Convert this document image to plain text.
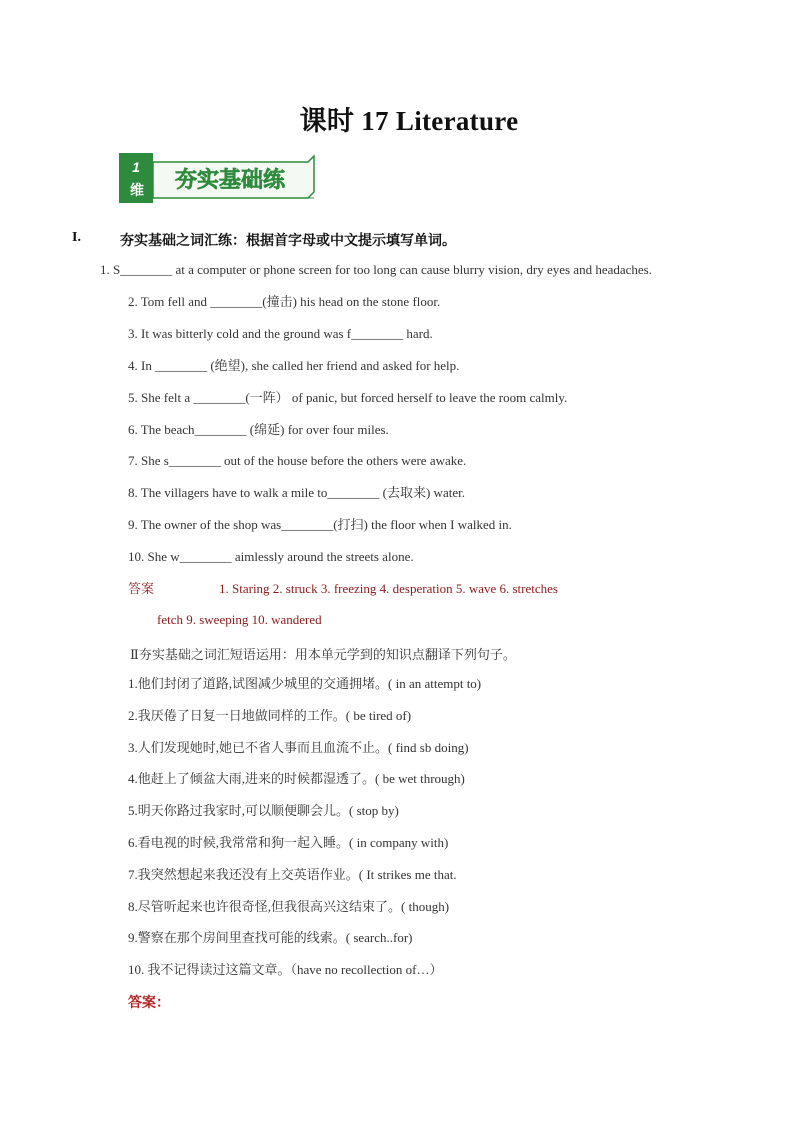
课时 17 Literature
1
维 夯实基础练
I.	夯实基础之词汇练：根据首字母或中文提示填写单词。
1. S________ at a computer or phone screen for too long can cause blurry vision, dry eyes and headaches.
2. Tom fell and ________(撞击) his head on the stone floor.
3. It was bitterly cold and the ground was f________ hard.
4. In ________ (绝望), she called her friend and asked for help.
5. She felt a ________(一阵） of panic, but forced herself to leave the room calmly.
6. The beach________ (绵延) for over four miles.
7. She s________ out of the house before the others were awake.
8. The villagers have to walk a mile to________ (去取来) water.
9. The owner of the shop was________(打扫) the floor when I walked in.
10. She w________ aimlessly around the streets alone.
答案	1. Staring 2. struck 3. freezing 4. desperation 5. wave 6. stretches
fetch 9. sweeping 10. wandered
Ⅱ夯实基础之词汇短语运用：用本单元学到的知识点翻译下列句子。
1.他们封闭了道路,试图减少城里的交通拥堵。( in an attempt to)
2.我厌倦了日复一日地做同样的工作。( be tired of)
3.人们发现她时,她已不省人事而且血流不止。( find sb doing)
4.他赶上了倾盆大雨,进来的时候都湿透了。( be wet through)
5.明天你路过我家时,可以顺便聊会儿。( stop by)
6.看电视的时候,我常常和狗一起入睡。( in company with)
7.我突然想起来我还没有上交英语作业。( It strikes me that.
8.尽管听起来也许很奇怪,但我很高兴这结束了。( though)
9.警察在那个房间里查找可能的线索。( search..for)
10. 我不记得读过这篇文章。（have no recollection of…）
答案：
